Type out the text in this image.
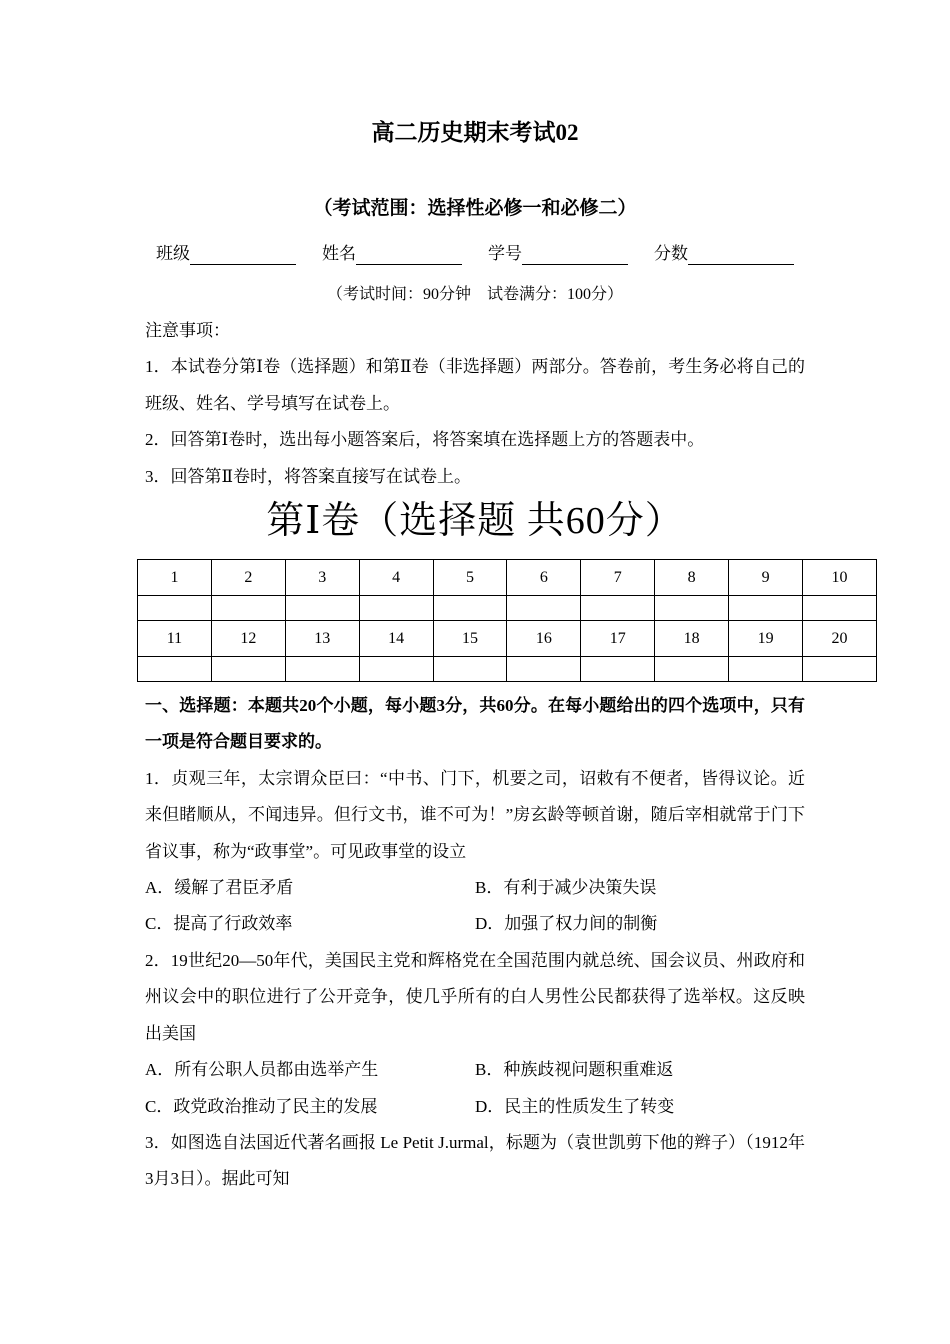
高二历史期末考试02
（考试范围：选择性必修一和必修二）
班级	姓名	学号	分数
（考试时间：90分钟　试卷满分：100分）

注意事项：

1．本试卷分第Ⅰ卷（选择题）和第Ⅱ卷（非选择题）两部分。答卷前，考生务必将自己的班级、姓名、学号填写在试卷上。

2．回答第Ⅰ卷时，选出每小题答案后，将答案填在选择题上方的答题表中。

3．回答第Ⅱ卷时，将答案直接写在试卷上。

第Ⅰ卷（选择题 共60分）
1	2	3	4	5	6	7	8	9	10

11	12	13	14	15	16	17	18	19	20

一、选择题：本题共20个小题，每小题3分，共60分。在每小题给出的四个选项中，只有一项是符合题目要求的。

1．贞观三年，太宗谓众臣曰：“中书、门下，机要之司，诏敕有不便者，皆得议论。近来但睹顺从，不闻违异。但行文书，谁不可为！”房玄龄等顿首谢，随后宰相就常于门下省议事，称为“政事堂”。可见政事堂的设立

A．缓解了君臣矛盾	B．有利于减少决策失误

C．提高了行政效率	D．加强了权力间的制衡

2．19世纪20—50年代，美国民主党和辉格党在全国范围内就总统、国会议员、州政府和州议会中的职位进行了公开竞争，使几乎所有的白人男性公民都获得了选举权。这反映出美国

A．所有公职人员都由选举产生	B．种族歧视问题积重难返

C．政党政治推动了民主的发展	D．民主的性质发生了转变

3．如图选自法国近代著名画报 Le Petit J.urmal，标题为（袁世凯剪下他的辫子）（1912年3月3日）。据此可知
